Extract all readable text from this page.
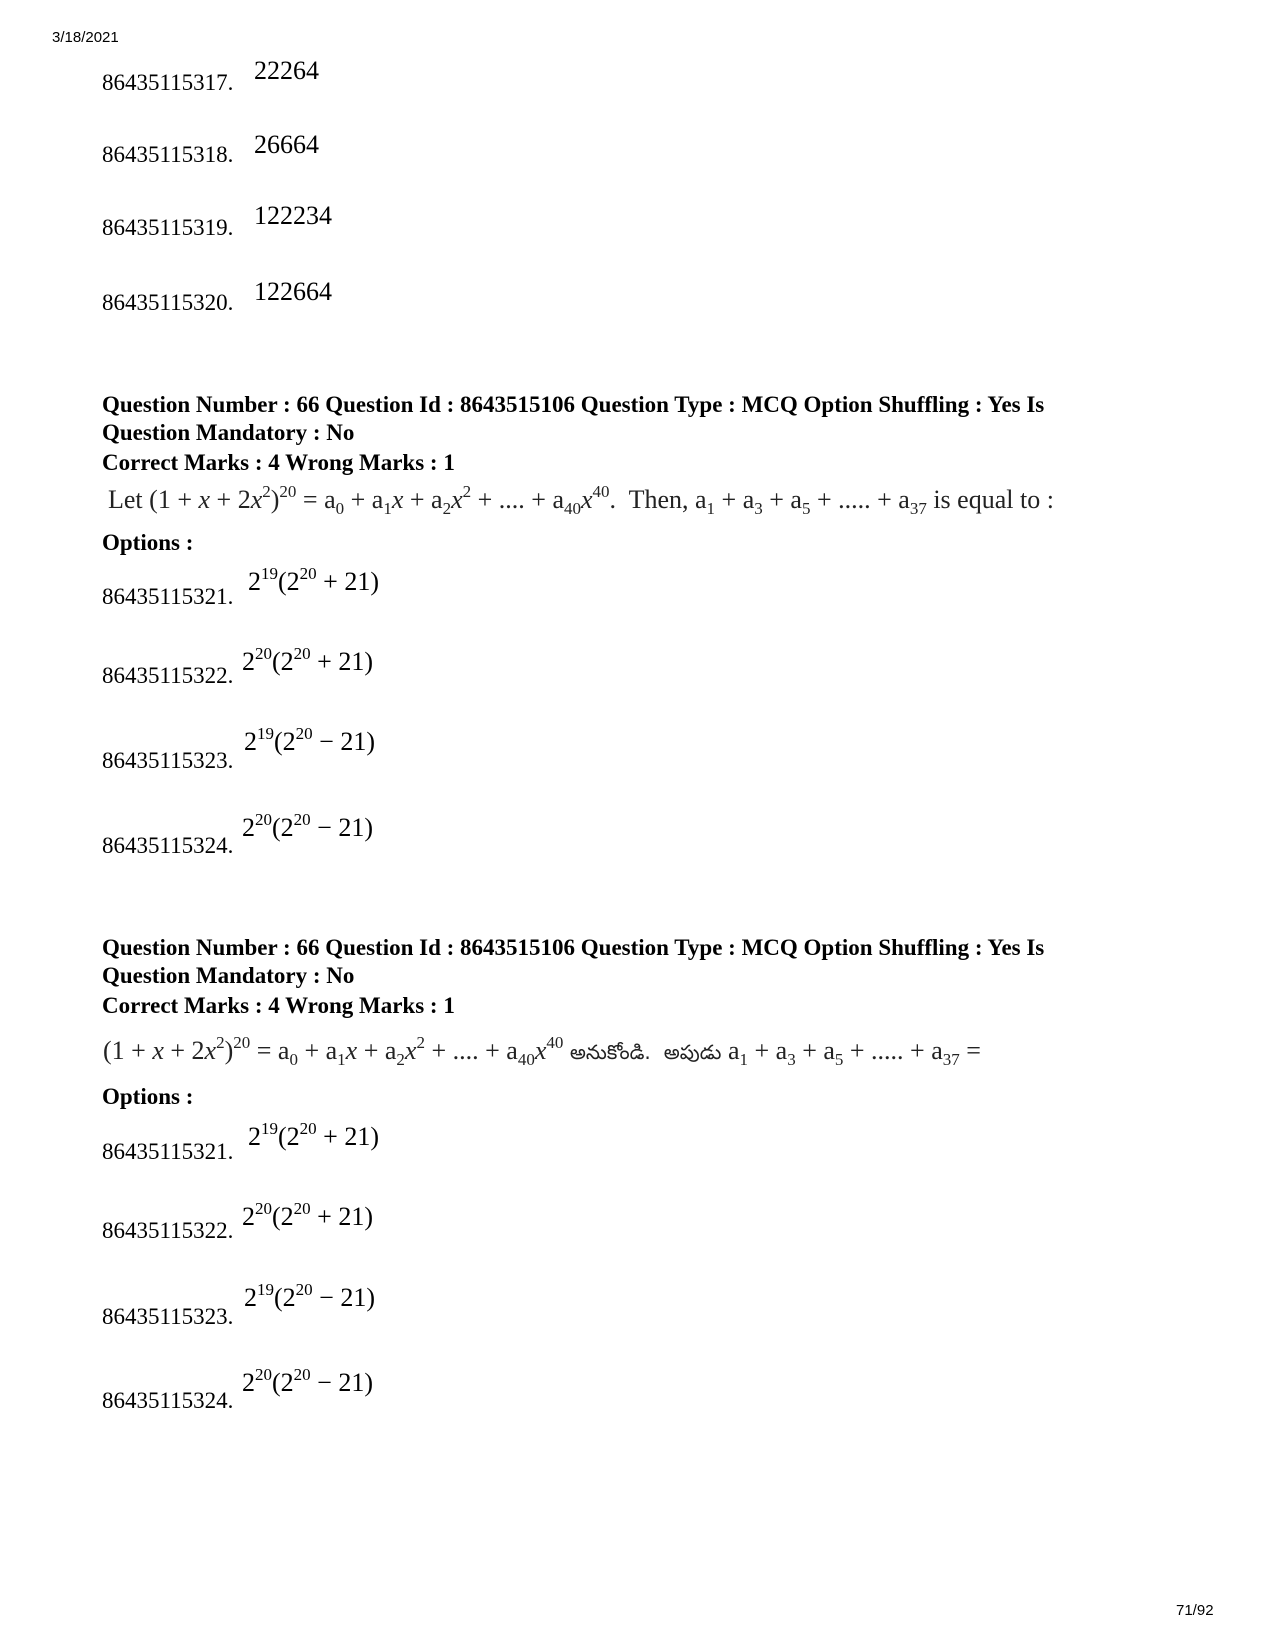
3/18/2021
86435115317. 22264
86435115318. 26664
86435115319. 122234
86435115320. 122664
Question Number : 66 Question Id : 8643515106 Question Type : MCQ Option Shuffling : Yes Is
Question Mandatory : No
Correct Marks : 4 Wrong Marks : 1
Let $(1 + x + 2x^2)^{20} = a_0 + a_1x + a_2x^2$ + .... + $a_{40}x^{40}$.  Then, $a_1 + a_3 + a_5$ + ..... + $a_{37}$ is equal to :
Options :
86435115321.
$2^{19}(2^{20} + 21)$
86435115322. $2^{20}(2^{20} + 21)$
86435115323.
$2^{19}(2^{20} - 21)$
86435115324.
$2^{20}(2^{20} - 21)$
Question Number : 66 Question Id : 8643515106 Question Type : MCQ Option Shuffling : Yes Is
Question Mandatory : No
Correct Marks : 4 Wrong Marks : 1
$(1 + x + 2x^2)^{20} = a_0 + a_1x + a_2x^2$ + .... + $a_{40}x^{40}$ అనుకోండి. అపుడు $a_1 + a_3 + a_5$ + ..... + $a_{37}$ =
Options :
86435115321.
$2^{19}(2^{20} + 21)$
86435115322. $2^{20}(2^{20} + 21)$
86435115323.
$2^{19}(2^{20} - 21)$
86435115324.
$2^{20}(2^{20} - 21)$
71/92
